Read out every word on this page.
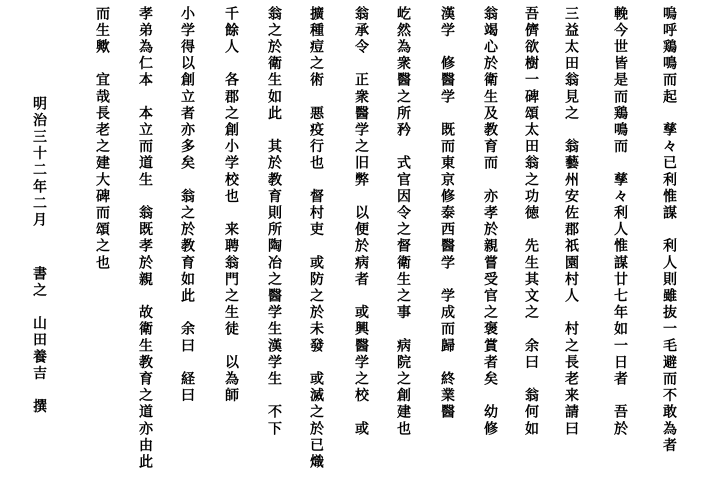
嗚呼鶏鳴而起　孳々已利惟謀　利人則雖抜一毛避而不敢為者
輓今世皆是而鶏鳴而　孳々利人惟謀廿七年如一日者　吾於
三益太田翁見之　翁藝州安佐郡祇園村人　村之長老来請曰
吾儕欲樹一碑頌太田翁之功徳　先生其文之　余曰　翁何如
翁竭心於衛生及教育而　亦孝於親嘗受官之褒賞者矣　幼修
漢学　修醫学　既而東京修泰西醫学　学成而歸　終業醫
屹然為衆醫之所矜　式官因令之督衛生之事　病院之創建也
翁承令　正衆醫学之旧弊　以便於病者　或興醫学之校　或
擴種痘之術　悪疫行也　督村吏　或防之於未發　或滅之於已熾
翁之於衛生如此　其於教育則所陶冶之醫学生漢学生　不下
千餘人　各郡之創小学校也　来聘翁門之生徒　以為師
小学得以創立者亦多矣　翁之於教育如此　余曰　経曰
孝弟為仁本　本立而道生　翁既孝於親　故衛生教育之道亦由此
而生歟　宜哉長老之建大碑而頌之也
明治三十二年二月
書之　山田養吉　撰
